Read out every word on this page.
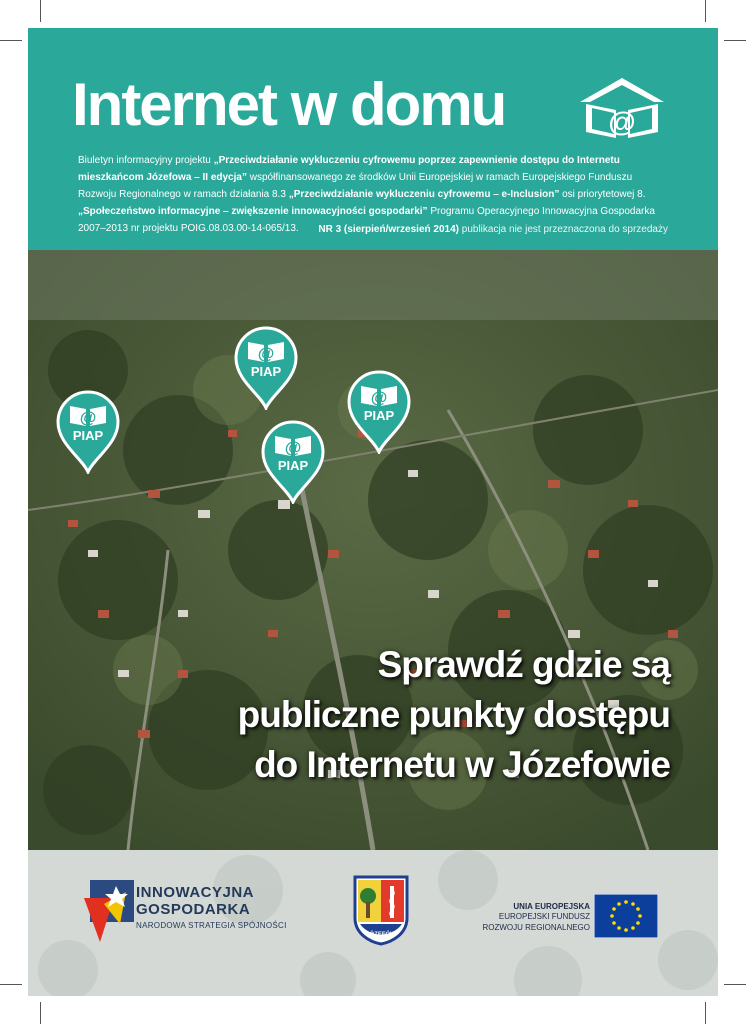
Internet w domu	@

Biuletyn informacyjny projektu „Przeciwdziałanie wykluczeniu cyfrowemu poprzez zapewnienie dostępu do Internetu mieszkańcom Józefowa – II edycja” współfinansowanego ze środków Unii Europejskiej w ramach Europejskiego Funduszu Rozwoju Regionalnego w ramach działania 8.3 „Przeciwdziałanie wykluczeniu cyfrowemu – e-Inclusion” osi priorytetowej 8. „Społeczeństwo informacyjne – zwiększenie innowacyjności gospodarki” Programu Operacyjnego Innowacyjna Gospodarka 2007–2013 nr projektu POIG.08.03.00-14-065/13.	NR 3 (sierpień/wrzesień 2014) publikacja nie jest przeznaczona do sprzedaży

@
PIAP
@
PIAP
@
PIAP
@
PIAP
Sprawdź gdzie są
publiczne punkty dostępu
do Internetu w Józefowie
INNOWACYJNA
GOSPODARKA
NARODOWA STRATEGIA SPÓJNOŚCI
JÓZEFÓW
UNIA EUROPEJSKA
EUROPEJSKI FUNDUSZ
ROZWOJU REGIONALNEGO
